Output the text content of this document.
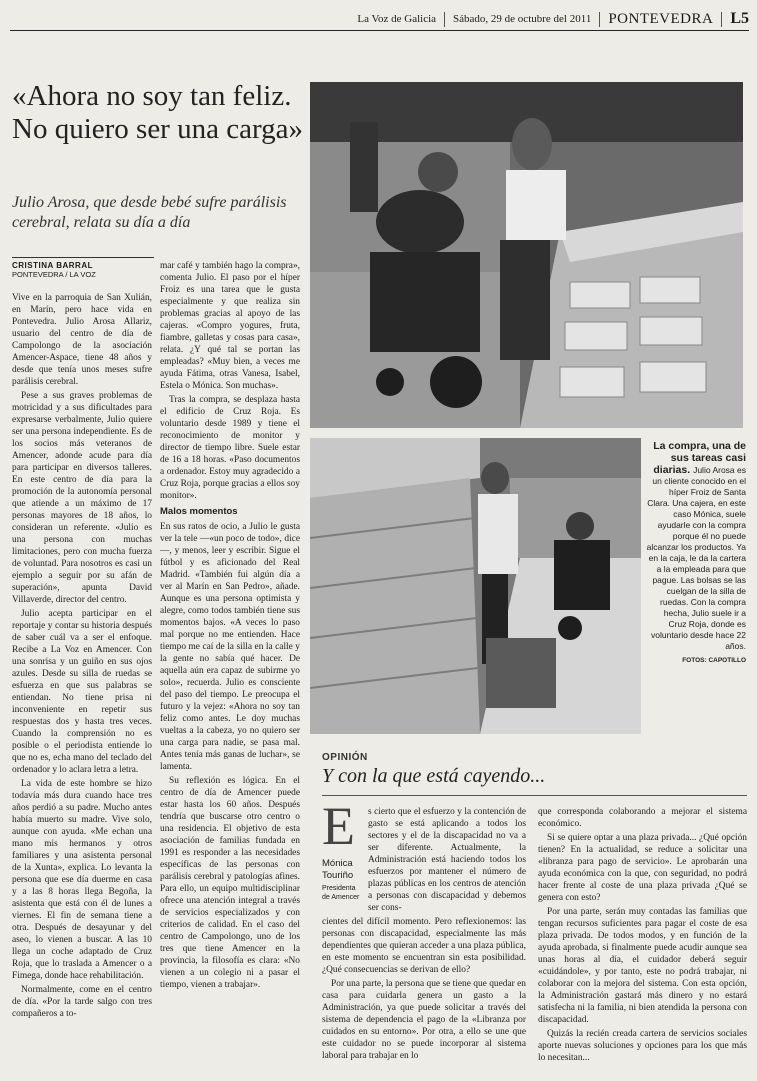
La Voz de Galicia Sábado, 29 de octubre del 2011 PONTEVEDRA L5
«Ahora no soy tan feliz. No quiero ser una carga»

Julio Arosa, que desde bebé sufre parálisis cerebral, relata su día a día

CRISTINA BARRAL
PONTEVEDRA / LA VOZ

Vive en la parroquia de San Xulián, en Marín, pero hace vida en Pontevedra. Julio Arosa Allariz, usuario del centro de día de Campolongo de la asociación Amencer-Aspace, tiene 48 años y desde que tenía unos meses sufre parálisis cerebral.

Pese a sus graves problemas de motricidad y a sus dificultades para expresarse verbalmente, Julio quiere ser una persona independiente. Es de los socios más veteranos de Amencer, adonde acude para día para participar en diversos talleres. En este centro de día para la promoción de la autonomía personal que atiende a un máximo de 17 personas mayores de 18 años, lo consideran un referente. «Julio es una persona con muchas limitaciones, pero con mucha fuerza de voluntad. Para nosotros es casi un ejemplo a seguir por su afán de superación», apunta David Villaverde, director del centro.

Julio acepta participar en el reportaje y contar su historia después de saber cuál va a ser el enfoque. Recibe a La Voz en Amencer. Con una sonrisa y un guiño en sus ojos azules. Desde su silla de ruedas se esfuerza en que sus palabras se entiendan. No tiene prisa ni inconveniente en repetir sus respuestas dos y hasta tres veces. Cuando la comprensión no es posible o el periodista entiende lo que no es, echa mano del teclado del ordenador y lo aclara letra a letra.

La vida de este hombre se hizo todavía más dura cuando hace tres años perdió a su padre. Mucho antes había muerto su madre. Vive solo, aunque con ayuda. «Me echan una mano mis hermanos y otros familiares y una asistenta personal de la Xunta», explica. Lo levanta la persona que ese día duerme en casa y a las 8 horas llega Begoña, la asistenta que está con él de lunes a viernes. El fin de semana tiene a otra. Después de desayunar y del aseo, lo vienen a buscar. A las 10 llega un coche adaptado de Cruz Roja, que lo traslada a Amencer o a Fimega, donde hace rehabilitación.

Normalmente, come en el centro de día. «Por la tarde salgo con tres compañeros a to-

mar café y también hago la compra», comenta Julio. El paso por el híper Froiz es una tarea que le gusta especialmente y que realiza sin problemas gracias al apoyo de las cajeras. «Compro yogures, fruta, fiambre, galletas y cosas para casa», relata. ¿Y qué tal se portan las empleadas? «Muy bien, a veces me ayuda Fátima, otras Vanesa, Isabel, Estela o Mónica. Son muchas».

Tras la compra, se desplaza hasta el edificio de Cruz Roja. Es voluntario desde 1989 y tiene el reconocimiento de monitor y director de tiempo libre. Suele estar de 16 a 18 horas. «Paso documentos a ordenador. Estoy muy agradecido a Cruz Roja, porque gracias a ellos soy monitor».

Malos momentos

En sus ratos de ocio, a Julio le gusta ver la tele —«un poco de todo», dice—, y menos, leer y escribir. Sigue el fútbol y es aficionado del Real Madrid. «También fui algún día a ver al Marín en San Pedro», añade. Aunque es una persona optimista y alegre, como todos también tiene sus momentos bajos. «A veces lo paso mal porque no me entienden. Hace tiempo me caí de la silla en la calle y la gente no sabía qué hacer. De aquella aún era capaz de subirme yo solo», recuerda. Julio es consciente del paso del tiempo. Le preocupa el futuro y la vejez: «Ahora no soy tan feliz como antes. Le doy muchas vueltas a la cabeza, yo no quiero ser una carga para nadie, se pasa mal. Antes tenía más ganas de luchar», se lamenta.

Su reflexión es lógica. En el centro de día de Amencer puede estar hasta los 60 años. Después tendría que buscarse otro centro o una residencia. El objetivo de esta asociación de familias fundada en 1991 es responder a las necesidades específicas de las personas con parálisis cerebral y patologías afines. Para ello, un equipo multidisciplinar ofrece una atención integral a través de servicios especializados y con criterios de calidad. En el caso del centro de Campolongo, uno de los tres que tiene Amencer en la provincia, la filosofía es clara: «No vienen a un colegio ni a pasar el tiempo, vienen a trabajar».

La compra, una de sus tareas casi diarias. Julio Arosa es un cliente conocido en el híper Froiz de Santa Clara. Una cajera, en este caso Mónica, suele ayudarle con la compra porque él no puede alcanzar los productos. Ya en la caja, le da la cartera a la empleada para que pague. Las bolsas se las cuelgan de la silla de ruedas. Con la compra hecha, Julio suele ir a Cruz Roja, donde es voluntario desde hace 22 años.
FOTOS: CAPOTILLO
OPINIÓN
Y con la que está cayendo...
E
Mónica Touriño
Presidenta de Amencer

s cierto que el esfuerzo y la contención de gasto se está aplicando a todos los sectores y el de la discapacidad no va a ser diferente. Actualmente, la Administración está haciendo todos los esfuerzos por mantener el número de plazas públicas en los centros de atención a personas con discapacidad y debemos ser cons-

cientes del difícil momento. Pero reflexionemos: las personas con discapacidad, especialmente las más dependientes que quieran acceder a una plaza pública, en este momento se encuentran sin esta posibilidad. ¿Qué consecuencias se derivan de ello?

Por una parte, la persona que se tiene que quedar en casa para cuidarla genera un gasto a la Administración, ya que puede solicitar a través del sistema de dependencia el pago de la «Libranza por cuidados en su entorno». Por otra, a ello se une que este cuidador no se puede incorporar al sistema laboral para trabajar en lo

que corresponda colaborando a mejorar el sistema económico.

Si se quiere optar a una plaza privada... ¿Qué opción tienen? En la actualidad, se reduce a solicitar una «libranza para pago de servicio». Le aprobarán una ayuda económica con la que, con seguridad, no podrá hacer frente al coste de una plaza privada ¿Qué se genera con esto?

Por una parte, serán muy contadas las familias que tengan recursos suficientes para pagar el coste de esa plaza privada. De todos modos, y en función de la ayuda aprobada, si finalmente puede acudir aunque sea unas horas al día, el cuidador deberá seguir «cuidándole», y por tanto, este no podrá trabajar, ni colaborar con la mejora del sistema. Con esta opción, la Administración gastará más dinero y no estará satisfecha ni la familia, ni bien atendida la persona con discapacidad.

Quizás la recién creada cartera de servicios sociales aporte nuevas soluciones y opciones para los que más lo necesitan...
